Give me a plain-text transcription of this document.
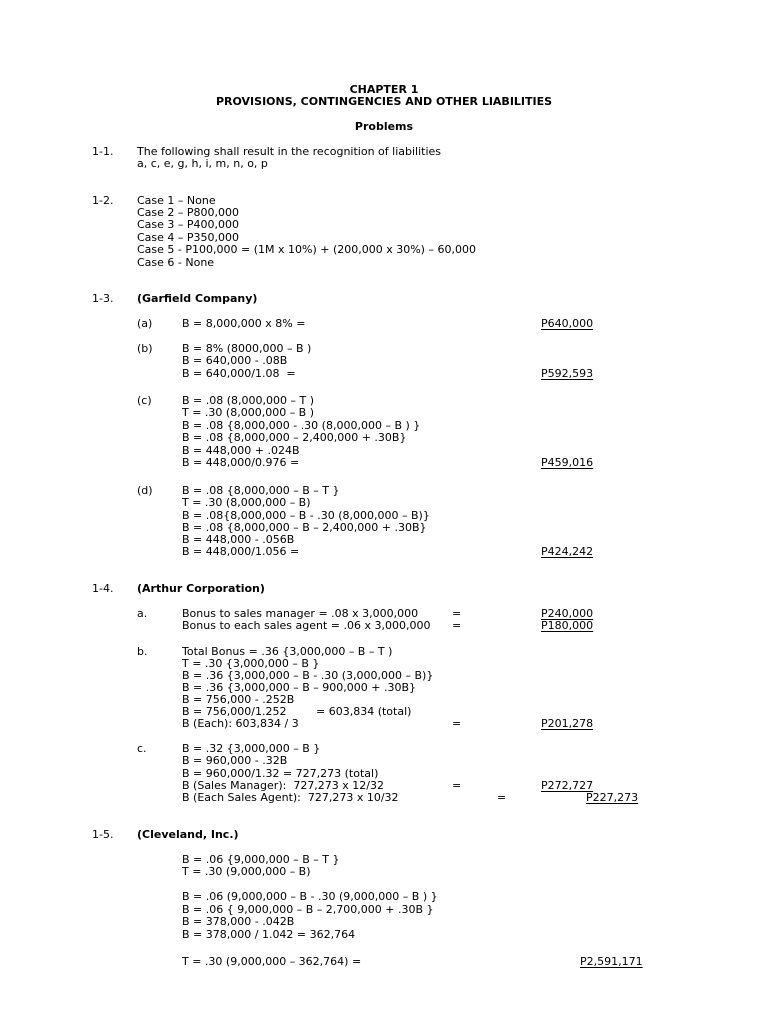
CHAPTER 1
PROVISIONS, CONTINGENCIES AND OTHER LIABILITIES
Problems
1-1. The following shall result in the recognition of liabilities
a, c, e, g, h, i, m, n, o, p
1-2. Case 1 – None
Case 2 – P800,000
Case 3 – P400,000
Case 4 – P350,000
Case 5 - P100,000 = (1M x 10%) + (200,000 x 30%) – 60,000
Case 6 - None
1-3. (Garfield Company)
(a)	B = 8,000,000 x 8% =	P640,000
(b)	B = 8% (8000,000 – B )
B = 640,000 - .08B
B = 640,000/1.08  =	P592,593
(c)	B = .08 (8,000,000 – T )
T = .30 (8,000,000 – B )
B = .08 {8,000,000 - .30 (8,000,000 – B ) }
B = .08 {8,000,000 – 2,400,000 + .30B}
B = 448,000 + .024B
B = 448,000/0.976 =	P459,016
(d)	B = .08 {8,000,000 – B – T }
T = .30 (8,000,000 – B)
B = .08{8,000,000 – B - .30 (8,000,000 – B)}
B = .08 {8,000,000 – B – 2,400,000 + .30B}
B = 448,000 - .056B
B = 448,000/1.056 =	P424,242
1-4. (Arthur Corporation)
a.	Bonus to sales manager = .08 x 3,000,000	=	P240,000
Bonus to each sales agent = .06 x 3,000,000 =	P180,000
b.	Total Bonus = .36 {3,000,000 – B – T )
T = .30 {3,000,000 – B }
B = .36 {3,000,000 – B - .30 (3,000,000 – B)}
B = .36 {3,000,000 – B – 900,000 + .30B}
B = 756,000 - .252B
B = 756,000/1.252	= 603,834 (total)
B (Each): 603,834 / 3	=	P201,278
c.	B = .32 {3,000,000 – B }
B = 960,000 - .32B
B = 960,000/1.32 = 727,273 (total)
B (Sales Manager):  727,273 x 12/32	=	P272,727
B (Each Sales Agent):  727,273 x 10/32	=	P227,273
1-5. (Cleveland, Inc.)
B = .06 {9,000,000 – B – T }
T = .30 (9,000,000 – B)
B = .06 (9,000,000 – B - .30 (9,000,000 – B ) }
B = .06 { 9,000,000 – B – 2,700,000 + .30B }
B = 378,000 - .042B
B = 378,000 / 1.042 = 362,764
T = .30 (9,000,000 – 362,764) =	P2,591,171
